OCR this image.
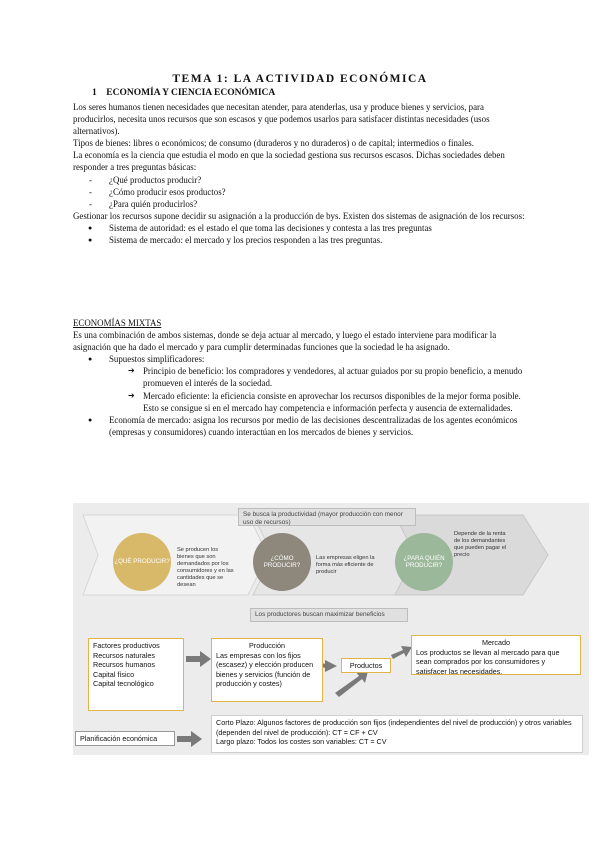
TEMA 1: LA ACTIVIDAD ECONÓMICA
1 ECONOMÍA Y CIENCIA ECONÓMICA

Los seres humanos tienen necesidades que necesitan atender, para atenderlas, usa y produce bienes y servicios, para producirlos, necesita unos recursos que son escasos y que podemos usarlos para satisfacer distintas necesidades (usos alternativos).

Tipos de bienes: libres o económicos; de consumo (duraderos y no duraderos) o de capital; intermedios o finales.

La economía es la ciencia que estudia el modo en que la sociedad gestiona sus recursos escasos. Dichas sociedades deben responder a tres preguntas básicas:

- ¿Qué productos producir?
- ¿Cómo producir esos productos?
- ¿Para quién producirlos?

Gestionar los recursos supone decidir su asignación a la producción de bys. Existen dos sistemas de asignación de los recursos:

● Sistema de autoridad: es el estado el que toma las decisiones y contesta a las tres preguntas
● Sistema de mercado: el mercado y los precios responden a las tres preguntas.

ECONOMÍAS MIXTAS

Es una combinación de ambos sistemas, donde se deja actuar al mercado, y luego el estado interviene para modificar la asignación que ha dado el mercado y para cumplir determinadas funciones que la sociedad le ha asignado.

● Supuestos simplificadores:
➔ Principio de beneficio: los compradores y vendedores, al actuar guiados por su propio beneficio, a menudo promueven el interés de la sociedad.
➔ Mercado eficiente: la eficiencia consiste en aprovechar los recursos disponibles de la mejor forma posible. Esto se consigue si en el mercado hay competencia e información perfecta y ausencia de externalidades.
● Economía de mercado: asigna los recursos por medio de las decisiones descentralizadas de los agentes económicos (empresas y consumidores) cuando interactúan en los mercados de bienes y servicios.
Se busca la productividad (mayor producción con menor uso de recursos)
¿QUÉ PRODUCIR?
Se producen los bienes que son demandados por los consumidores y en las cantidades que se desean
¿CÓMO PRODUCIR?
Las empresas eligen la forma más eficiente de producir
¿PARA QUIÉN PRODUCIR?
Depende de la renta de los demandantes que pueden pagar el precio
Los productores buscan maximizar beneficios
Factores productivos
Recursos naturales
Recursos humanos
Capital físico
Capital tecnológico
Producción
Las empresas con los fijos (escasez) y elección producen bienes y servicios (función de producción y costes)
Productos
Mercado
Los productos se llevan al mercado para que sean comprados por los consumidores y satisfacer las necesidades.
Planificación económica
Corto Plazo: Algunos factores de producción son fijos (independientes del nivel de producción) y otros variables (dependen del nivel de producción): CT = CF + CV
Largo plazo: Todos los costes son variables: CT = CV
